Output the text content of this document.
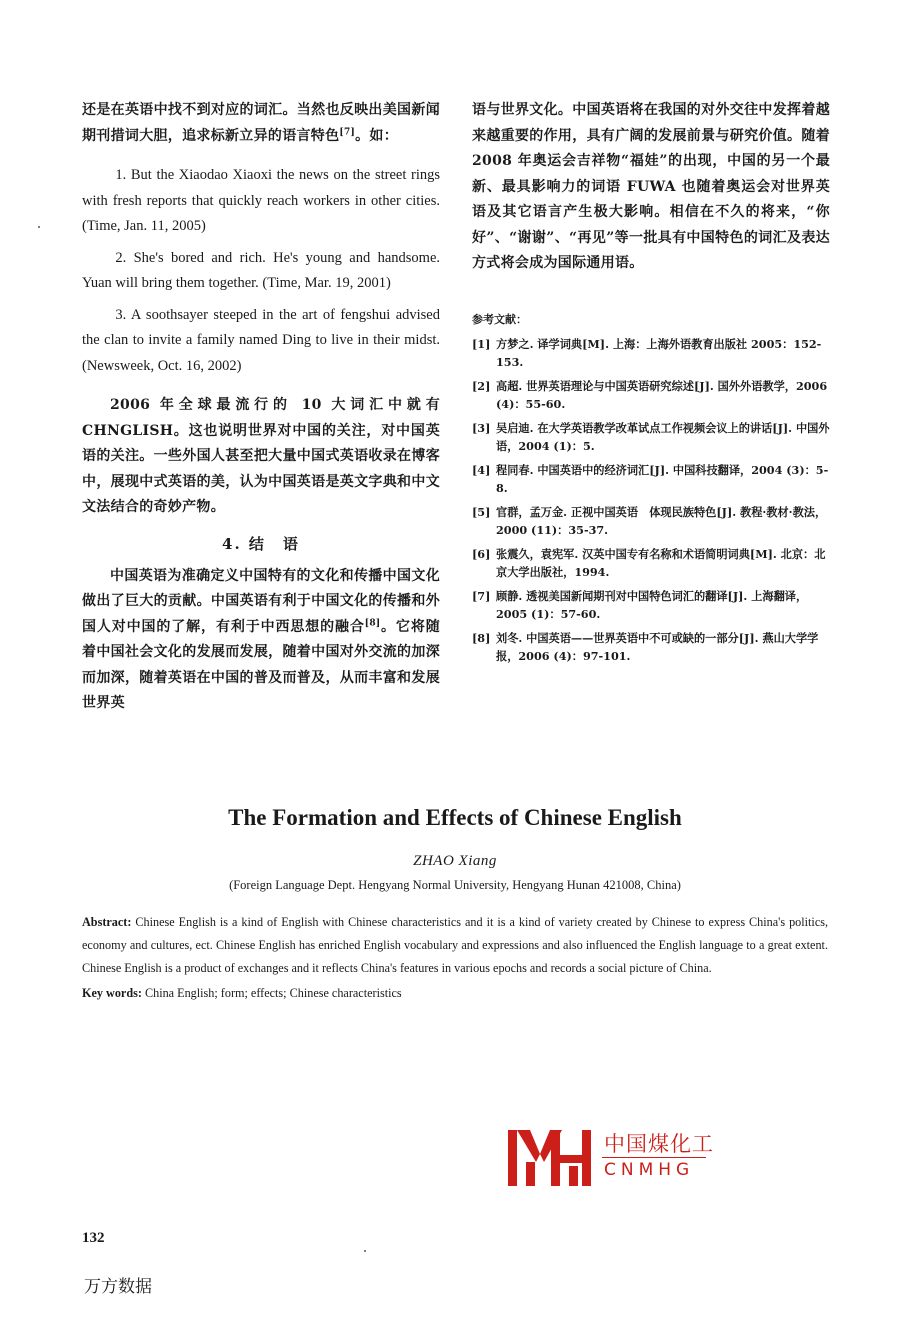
还是在英语中找不到对应的词汇。当然也反映出美国新闻期刊措词大胆，追求标新立异的语言特色[7]。如：

1. But the Xiaodao Xiaoxi the news on the street rings with fresh reports that quickly reach workers in other cities. (Time, Jan. 11, 2005)

2. She's bored and rich. He's young and handsome. Yuan will bring them together. (Time, Mar. 19, 2001)

3. A soothsayer steeped in the art of fengshui advised the clan to invite a family named Ding to live in their midst. (Newsweek, Oct. 16, 2002)

2006 年全球最流行的 10 大词汇中就有 CHNGLISH。这也说明世界对中国的关注，对中国英语的关注。一些外国人甚至把大量中国式英语收录在博客中，展现中式英语的美，认为中国英语是英文字典和中文文法结合的奇妙产物。

4. 结　语

中国英语为准确定义中国特有的文化和传播中国文化做出了巨大的贡献。中国英语有利于中国文化的传播和外国人对中国的了解，有利于中西思想的融合[8]。它将随着中国社会文化的发展而发展，随着中国对外交流的加深而加深，随着英语在中国的普及而普及，从而丰富和发展世界英

语与世界文化。中国英语将在我国的对外交往中发挥着越来越重要的作用，具有广阔的发展前景与研究价值。随着 2008 年奥运会吉祥物“福娃”的出现，中国的另一个最新、最具影响力的词语 FUWA 也随着奥运会对世界英语及其它语言产生极大影响。相信在不久的将来，“你好”、“谢谢”、“再见”等一批具有中国特色的词汇及表达方式将会成为国际通用语。

参考文献：
[1] 方梦之. 译学词典[M]. 上海：上海外语教育出版社 2005：152-153.
[2] 高超. 世界英语理论与中国英语研究综述[J]. 国外外语教学，2006 (4)：55-60.
[3] 吴启迪. 在大学英语教学改革试点工作视频会议上的讲话[J]. 中国外语，2004 (1)：5.
[4] 程同春. 中国英语中的经济词汇[J]. 中国科技翻译，2004 (3)：5-8.
[5] 官群，孟万金. 正视中国英语　体现民族特色[J]. 教程·教材·教法，2000 (11)：35-37.
[6] 张震久，袁宪军. 汉英中国专有名称和术语简明词典[M]. 北京：北京大学出版社，1994.
[7] 顾静. 透视美国新闻期刊对中国特色词汇的翻译[J]. 上海翻译，2005 (1)：57-60.
[8] 刘冬. 中国英语——世界英语中不可或缺的一部分[J]. 燕山大学学报，2006 (4)：97-101.
The Formation and Effects of Chinese English

ZHAO Xiang

(Foreign Language Dept. Hengyang Normal University, Hengyang Hunan 421008, China)

Abstract: Chinese English is a kind of English with Chinese characteristics and it is a kind of variety created by Chinese to express China's politics, economy and cultures, ect. Chinese English has enriched English vocabulary and expressions and also influenced the English language to a great extent. Chinese English is a product of exchanges and it reflects China's features in various epochs and records a social picture of China.

Key words: China English; form; effects; Chinese characteristics

中国煤化工
CNMHG
132
万方数据
